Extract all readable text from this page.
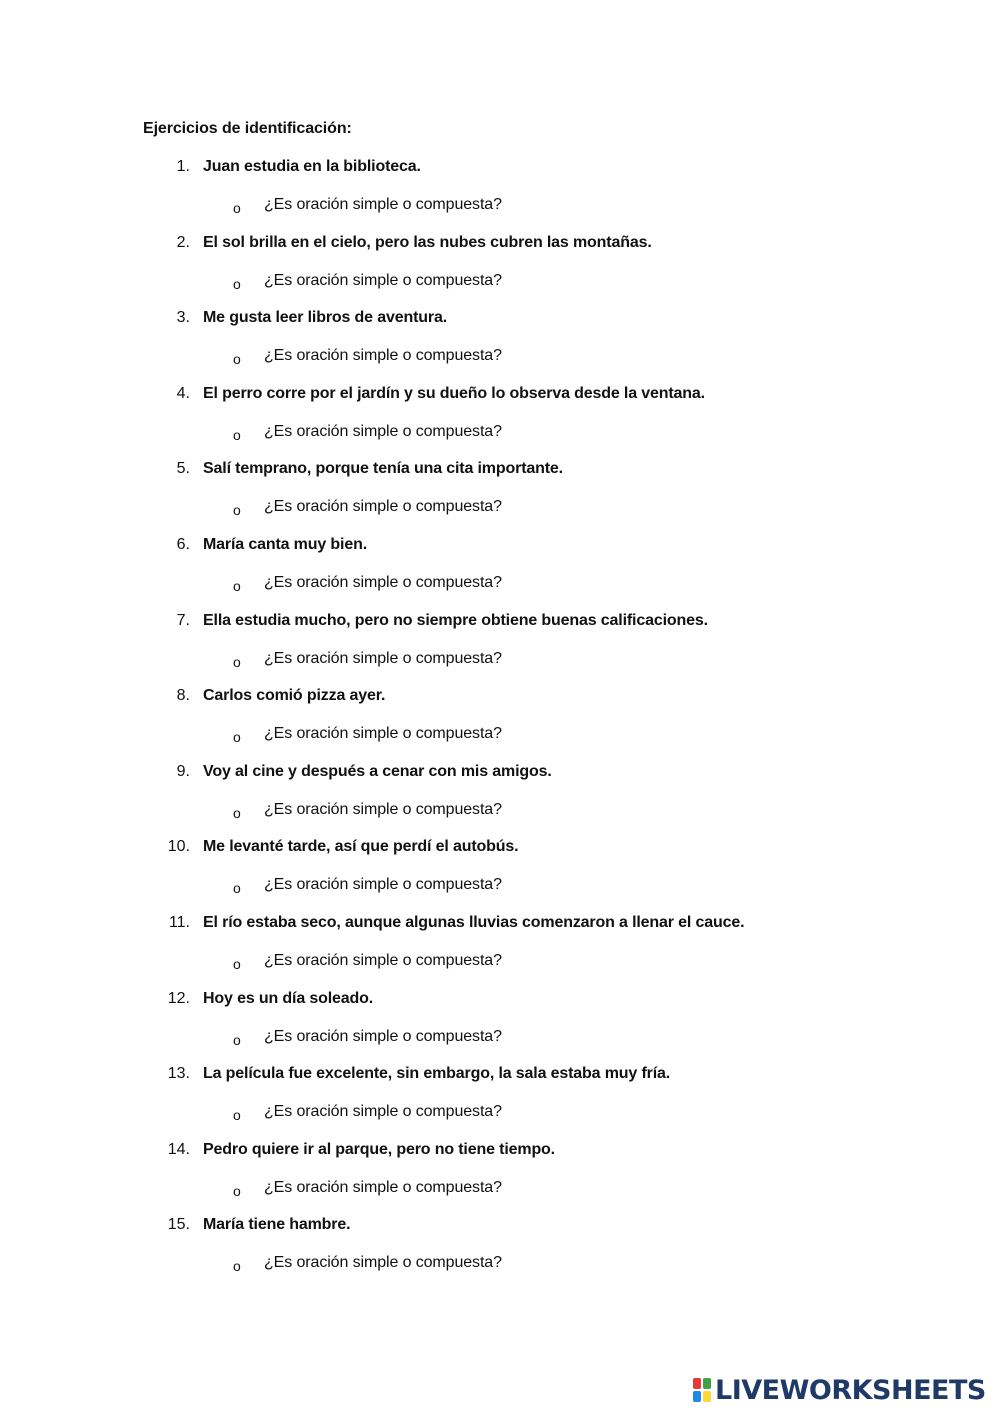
Ejercicios de identificación:
1. Juan estudia en la biblioteca.
o ¿Es oración simple o compuesta?
2. El sol brilla en el cielo, pero las nubes cubren las montañas.
o ¿Es oración simple o compuesta?
3. Me gusta leer libros de aventura.
o ¿Es oración simple o compuesta?
4. El perro corre por el jardín y su dueño lo observa desde la ventana.
o ¿Es oración simple o compuesta?
5. Salí temprano, porque tenía una cita importante.
o ¿Es oración simple o compuesta?
6. María canta muy bien.
o ¿Es oración simple o compuesta?
7. Ella estudia mucho, pero no siempre obtiene buenas calificaciones.
o ¿Es oración simple o compuesta?
8. Carlos comió pizza ayer.
o ¿Es oración simple o compuesta?
9. Voy al cine y después a cenar con mis amigos.
o ¿Es oración simple o compuesta?
10. Me levanté tarde, así que perdí el autobús.
o ¿Es oración simple o compuesta?
11. El río estaba seco, aunque algunas lluvias comenzaron a llenar el cauce.
o ¿Es oración simple o compuesta?
12. Hoy es un día soleado.
o ¿Es oración simple o compuesta?
13. La película fue excelente, sin embargo, la sala estaba muy fría.
o ¿Es oración simple o compuesta?
14. Pedro quiere ir al parque, pero no tiene tiempo.
o ¿Es oración simple o compuesta?
15. María tiene hambre.
o ¿Es oración simple o compuesta?
LIVEWORKSHEETS
